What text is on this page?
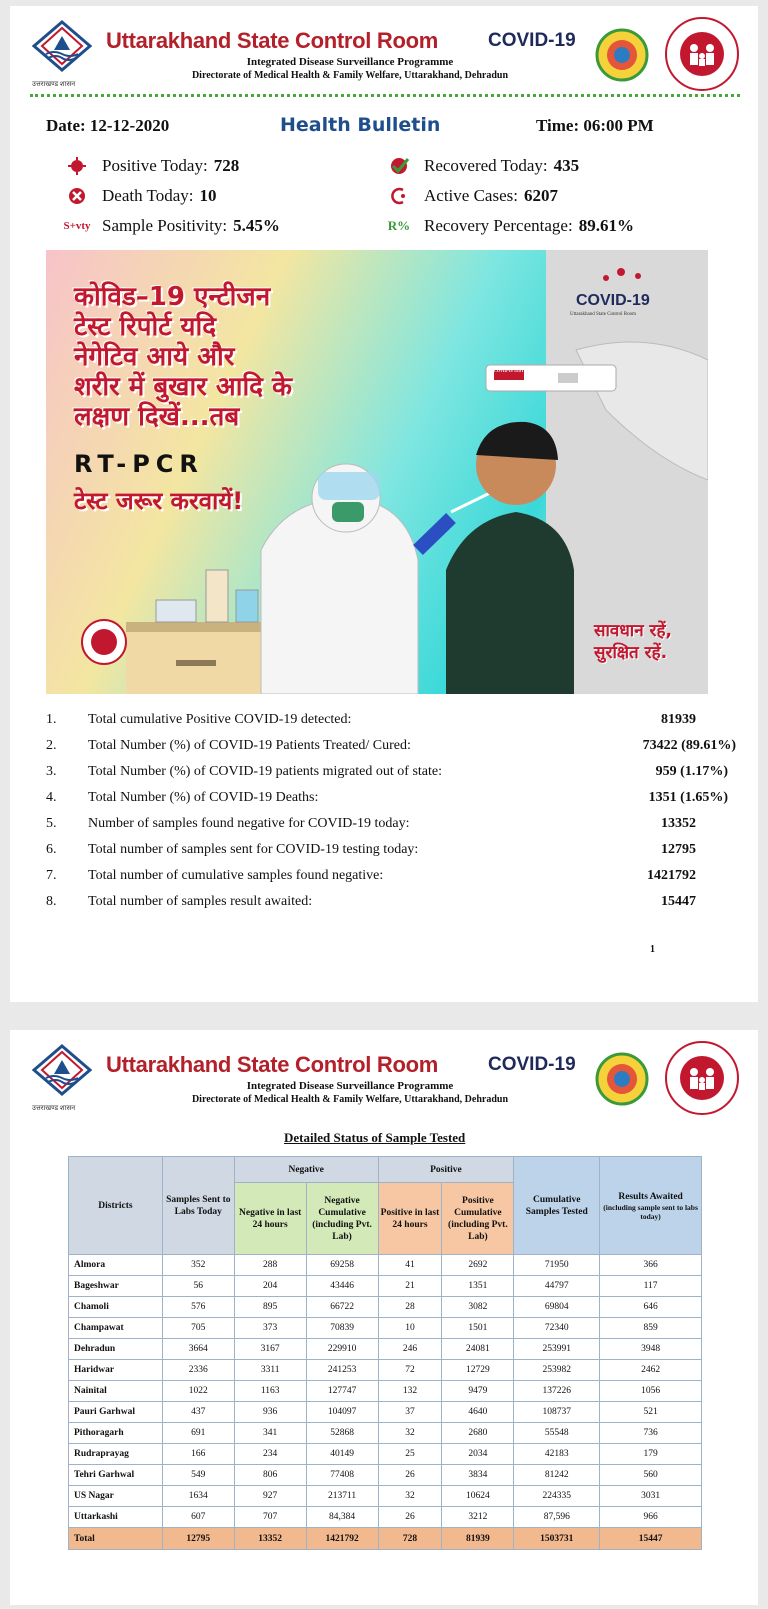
उत्तराखण्ड शासन
Uttarakhand State Control Room	COVID-19
Integrated Disease Surveillance Programme
Directorate of Medical Health & Family Welfare, Uttarakhand, Dehradun
Date: 12-12-2020	Health Bulletin	Time: 06:00 PM
Positive Today: 728	Recovered Today: 435
Death Today: 10	Active Cases: 6207
S+vty Sample Positivity: 5.45%	R% Recovery Percentage: 89.61%
कोविड–19 एन्टीजन
टेस्ट रिपोर्ट यदि
नेगेटिव आये और
शरीर में बुखार आदि के
लक्षण दिखें...तब
RT-PCR
टेस्ट जरूर करवायें!
COVID-19
Uttarakhand State Control Room
COVID-19 TEST
सावधान रहें,
सुरक्षित रहें.
1.	Total cumulative Positive COVID-19 detected:	81939
2.	Total Number (%) of COVID-19 Patients Treated/ Cured:	73422 (89.61%)
3.	Total Number (%) of COVID-19 patients migrated out of state:	959 (1.17%)
4.	Total Number (%) of COVID-19 Deaths:	1351 (1.65%)
5.	Number of samples found negative for COVID-19 today:	13352
6.	Total number of samples sent for COVID-19 testing today:	12795
7.	Total number of cumulative samples found negative:	1421792
8.	Total number of samples result awaited:	15447
1
उत्तराखण्ड शासन
Uttarakhand State Control Room	COVID-19
Integrated Disease Surveillance Programme
Directorate of Medical Health & Family Welfare, Uttarakhand, Dehradun
Detailed Status of Sample Tested
Districts	Samples Sent to Labs Today	Negative		Positive		Cumulative Samples Tested	Results Awaited
(including sample sent to labs today)

		Negative in last 24 hours	Negative Cumulative (including Pvt. Lab)	Positive in last 24 hours	Positive Cumulative (including Pvt. Lab)		
Almora	352	288	69258	41	2692	71950	366
Bageshwar	56	204	43446	21	1351	44797	117
Chamoli	576	895	66722	28	3082	69804	646
Champawat	705	373	70839	10	1501	72340	859
Dehradun	3664	3167	229910	246	24081	253991	3948
Haridwar	2336	3311	241253	72	12729	253982	2462
Nainital	1022	1163	127747	132	9479	137226	1056
Pauri Garhwal	437	936	104097	37	4640	108737	521
Pithoragarh	691	341	52868	32	2680	55548	736
Rudraprayag	166	234	40149	25	2034	42183	179
Tehri Garhwal	549	806	77408	26	3834	81242	560
US Nagar	1634	927	213711	32	10624	224335	3031
Uttarkashi	607	707	84,384	26	3212	87,596	966
Total	12795	13352	1421792	728	81939	1503731	15447
